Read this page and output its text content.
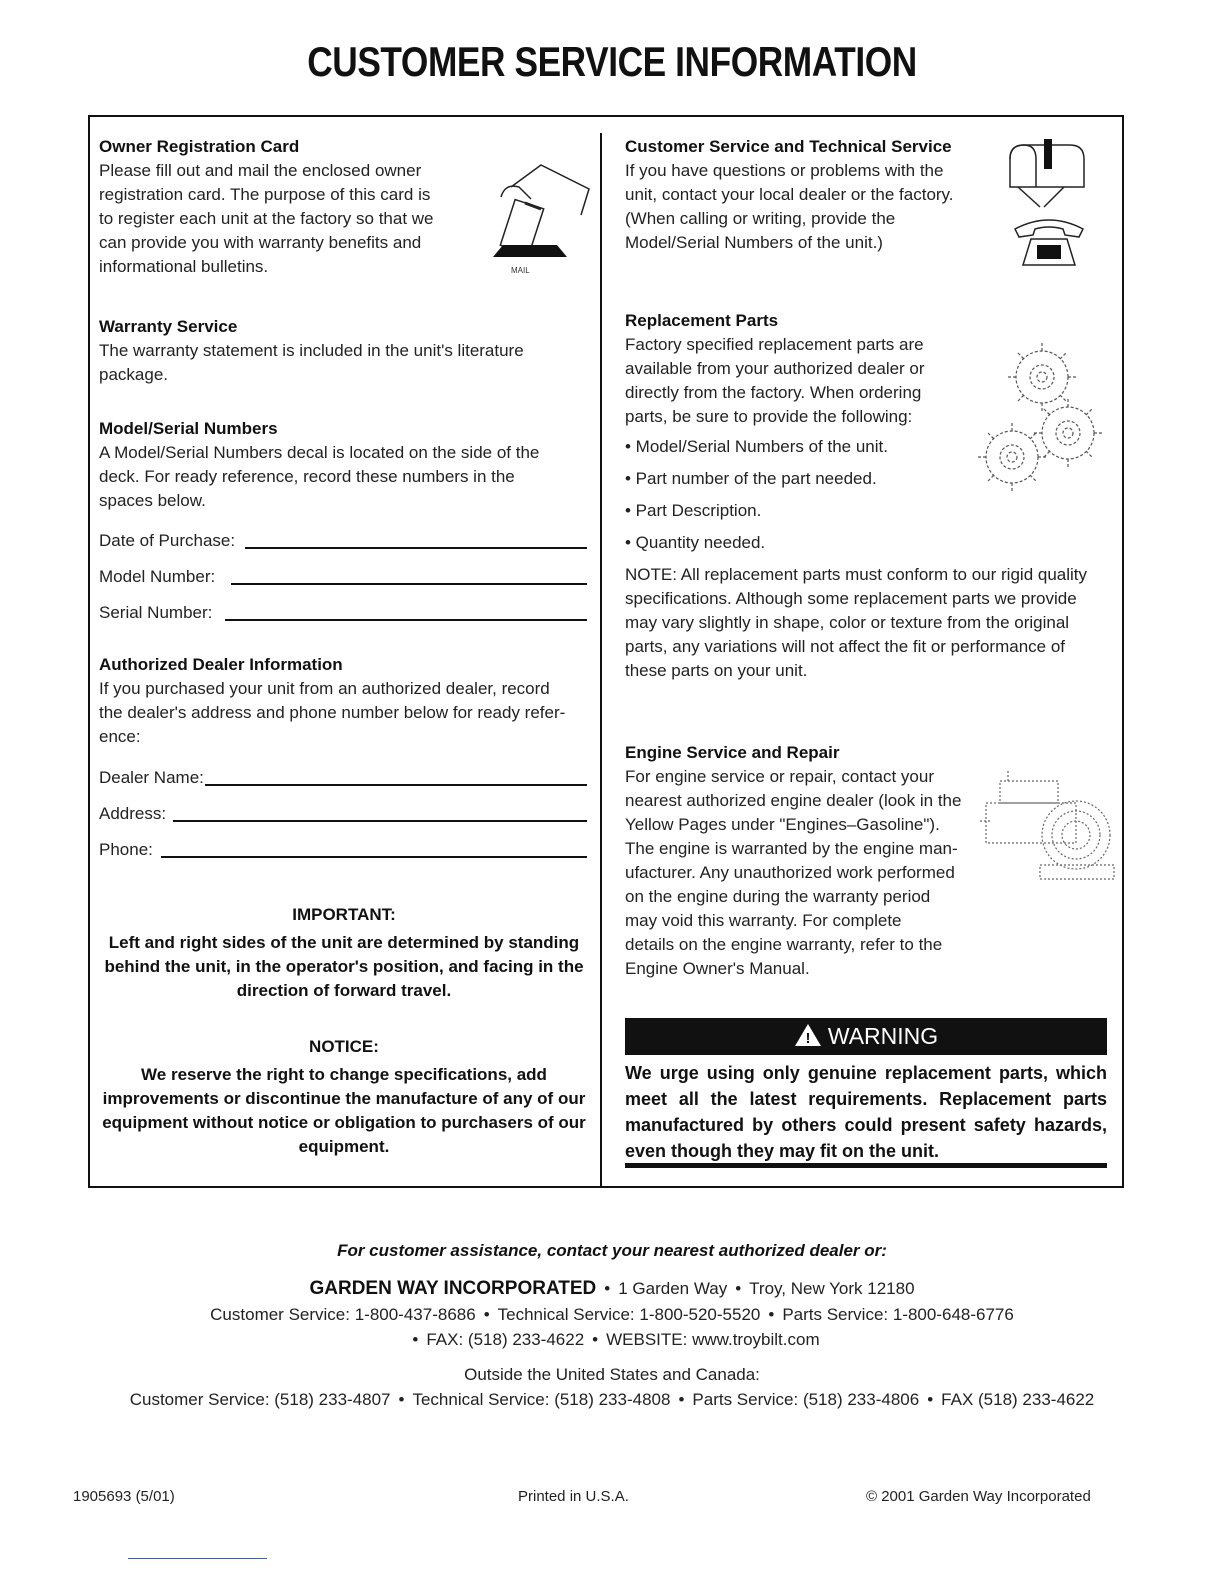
CUSTOMER SERVICE INFORMATION
Owner Registration Card
Please fill out and mail the enclosed owner
registration card. The purpose of this card is
to register each unit at the factory so that we
can provide you with warranty benefits and
informational bulletins.	MAIL
Warranty Service
The warranty statement is included in the unit's literature
package.
Model/Serial Numbers
A Model/Serial Numbers decal is located on the side of the
deck. For ready reference, record these numbers in the
spaces below.
Date of Purchase:
Model Number:
Serial Number:
Authorized Dealer Information
If you purchased your unit from an authorized dealer, record
the dealer's address and phone number below for ready refer-
ence:
Dealer Name:
Address:
Phone:
IMPORTANT:
Left and right sides of the unit are determined by standing
behind the unit, in the operator's position, and facing in the
direction of forward travel.
NOTICE:
We reserve the right to change specifications, add
improvements or discontinue the manufacture of any of our
equipment without notice or obligation to purchasers of our
equipment.
Customer Service and Technical Service
If you have questions or problems with the
unit, contact your local dealer or the factory.
(When calling or writing, provide the
Model/Serial Numbers of the unit.)
Replacement Parts
Factory specified replacement parts are
available from your authorized dealer or
directly from the factory. When ordering
parts, be sure to provide the following:
• Model/Serial Numbers of the unit.
• Part number of the part needed.
• Part Description.
• Quantity needed.
NOTE: All replacement parts must conform to our rigid quality
specifications. Although some replacement parts we provide
may vary slightly in shape, color or texture from the original
parts, any variations will not affect the fit or performance of
these parts on your unit.
Engine Service and Repair
For engine service or repair, contact your
nearest authorized engine dealer (look in the
Yellow Pages under "Engines–Gasoline").
The engine is warranted by the engine man-
ufacturer. Any unauthorized work performed
on the engine during the warranty period
may void this warranty. For complete
details on the engine warranty, refer to the
Engine Owner's Manual.
! WARNING
We urge using only genuine replacement parts, which meet all the latest requirements. Replacement parts manufactured by others could present safety hazards, even though they may fit on the unit.
For customer assistance, contact your nearest authorized dealer or:
GARDEN WAY INCORPORATED • 1 Garden Way • Troy, New York 12180
Customer Service: 1-800-437-8686 • Technical Service: 1-800-520-5520 • Parts Service: 1-800-648-6776
• FAX: (518) 233-4622 • WEBSITE: www.troybilt.com
Outside the United States and Canada:
Customer Service: (518) 233-4807 • Technical Service: (518) 233-4808 • Parts Service: (518) 233-4806 • FAX (518) 233-4622
1905693 (5/01)	Printed in U.S.A.	© 2001 Garden Way Incorporated
